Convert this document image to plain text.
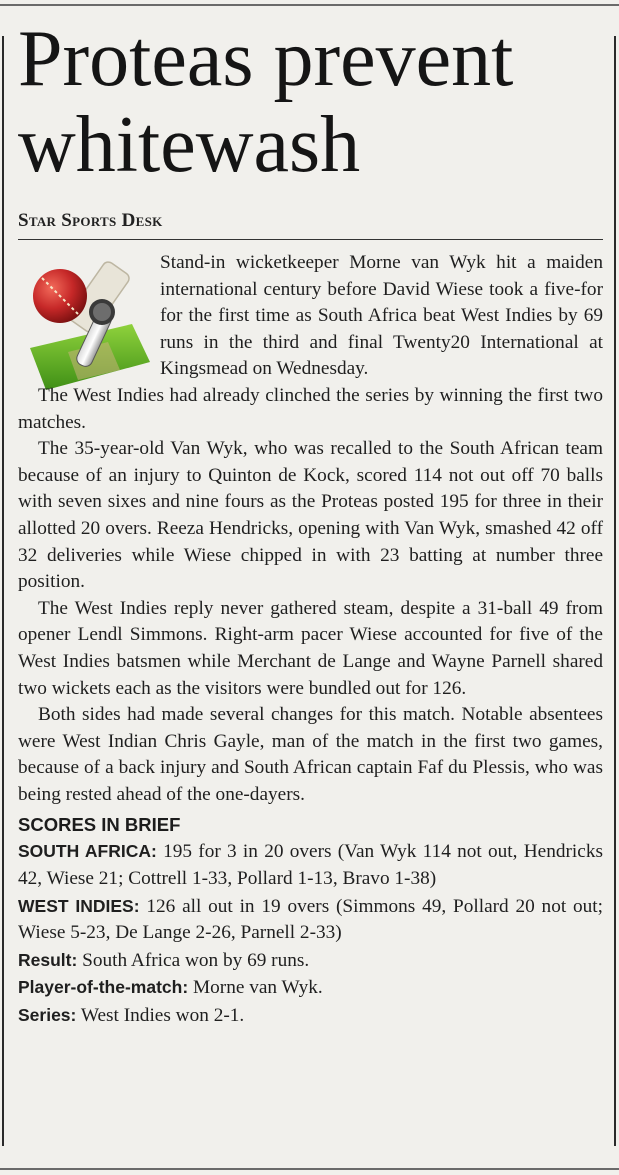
Proteas prevent whitewash
Star Sports Desk

Stand-in wicketkeeper Morne van Wyk hit a maiden international century before David Wiese took a five-for for the first time as South Africa beat West Indies by 69 runs in the third and final Twenty20 International at Kingsmead on Wednesday.

The West Indies had already clinched the series by winning the first two matches.

The 35-year-old Van Wyk, who was recalled to the South African team because of an injury to Quinton de Kock, scored 114 not out off 70 balls with seven sixes and nine fours as the Proteas posted 195 for three in their allotted 20 overs. Reeza Hendricks, opening with Van Wyk, smashed 42 off 32 deliveries while Wiese chipped in with 23 batting at number three position.

The West Indies reply never gathered steam, despite a 31-ball 49 from opener Lendl Simmons. Right-arm pacer Wiese accounted for five of the West Indies batsmen while Merchant de Lange and Wayne Parnell shared two wickets each as the visitors were bundled out for 126.

Both sides had made several changes for this match. Notable absentees were West Indian Chris Gayle, man of the match in the first two games, because of a back injury and South African captain Faf du Plessis, who was being rested ahead of the one-dayers.

SCORES IN BRIEF

SOUTH AFRICA: 195 for 3 in 20 overs (Van Wyk 114 not out, Hendricks 42, Wiese 21; Cottrell 1-33, Pollard 1-13, Bravo 1-38)

WEST INDIES: 126 all out in 19 overs (Simmons 49, Pollard 20 not out; Wiese 5-23, De Lange 2-26, Parnell 2-33)

Result: South Africa won by 69 runs.

Player-of-the-match: Morne van Wyk.

Series: West Indies won 2-1.
